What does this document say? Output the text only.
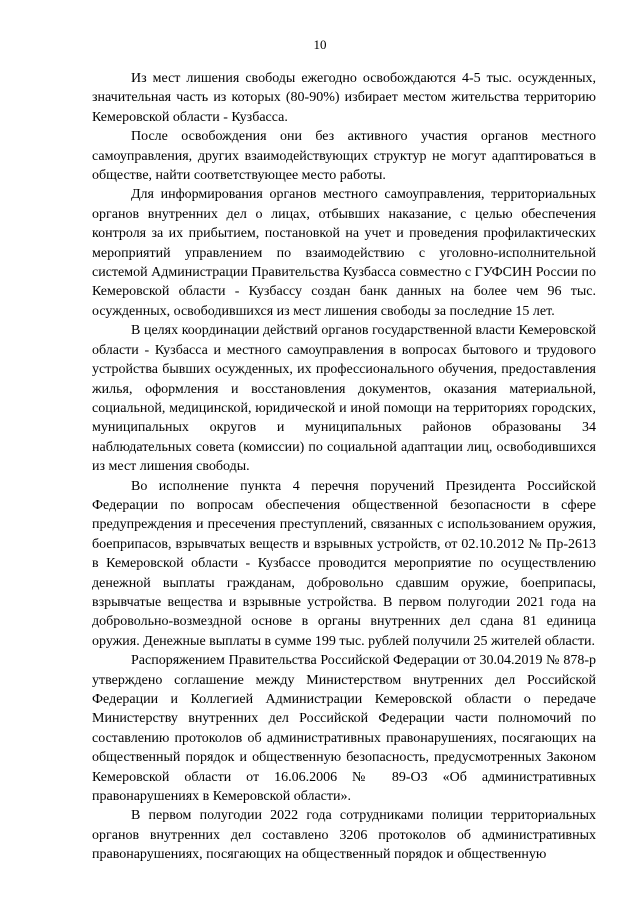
10

Из мест лишения свободы ежегодно освобождаются 4-5 тыс. осужденных, значительная часть из которых (80-90%) избирает местом жительства территорию Кемеровской области - Кузбасса.

После освобождения они без активного участия органов местного самоуправления, других взаимодействующих структур не могут адаптироваться в обществе, найти соответствующее место работы.

Для информирования органов местного самоуправления, территориальных органов внутренних дел о лицах, отбывших наказание, с целью обеспечения контроля за их прибытием, постановкой на учет и проведения профилактических мероприятий управлением по взаимодействию с уголовно-исполнительной системой Администрации Правительства Кузбасса совместно с ГУФСИН России по Кемеровской области - Кузбассу создан банк данных на более чем 96 тыс. осужденных, освободившихся из мест лишения свободы за последние 15 лет.

В целях координации действий органов государственной власти Кемеровской области - Кузбасса и местного самоуправления в вопросах бытового и трудового устройства бывших осужденных, их профессионального обучения, предоставления жилья, оформления и восстановления документов, оказания материальной, социальной, медицинской, юридической и иной помощи на территориях городских, муниципальных округов и муниципальных районов образованы 34 наблюдательных совета (комиссии) по социальной адаптации лиц, освободившихся из мест лишения свободы.

Во исполнение пункта 4 перечня поручений Президента Российской Федерации по вопросам обеспечения общественной безопасности в сфере предупреждения и пресечения преступлений, связанных с использованием оружия, боеприпасов, взрывчатых веществ и взрывных устройств, от 02.10.2012 № Пр-2613 в Кемеровской области - Кузбассе проводится мероприятие по осуществлению денежной выплаты гражданам, добровольно сдавшим оружие, боеприпасы, взрывчатые вещества и взрывные устройства. В первом полугодии 2021 года на добровольно-возмездной основе в органы внутренних дел сдана 81 единица оружия. Денежные выплаты в сумме 199 тыс. рублей получили 25 жителей области.

Распоряжением Правительства Российской Федерации от 30.04.2019 № 878-р утверждено соглашение между Министерством внутренних дел Российской Федерации и Коллегией Администрации Кемеровской области о передаче Министерству внутренних дел Российской Федерации части полномочий по составлению протоколов об административных правонарушениях, посягающих на общественный порядок и общественную безопасность, предусмотренных Законом Кемеровской области от 16.06.2006 № 89-ОЗ «Об административных правонарушениях в Кемеровской области».

В первом полугодии 2022 года сотрудниками полиции территориальных органов внутренних дел составлено 3206 протоколов об административных правонарушениях, посягающих на общественный порядок и общественную
